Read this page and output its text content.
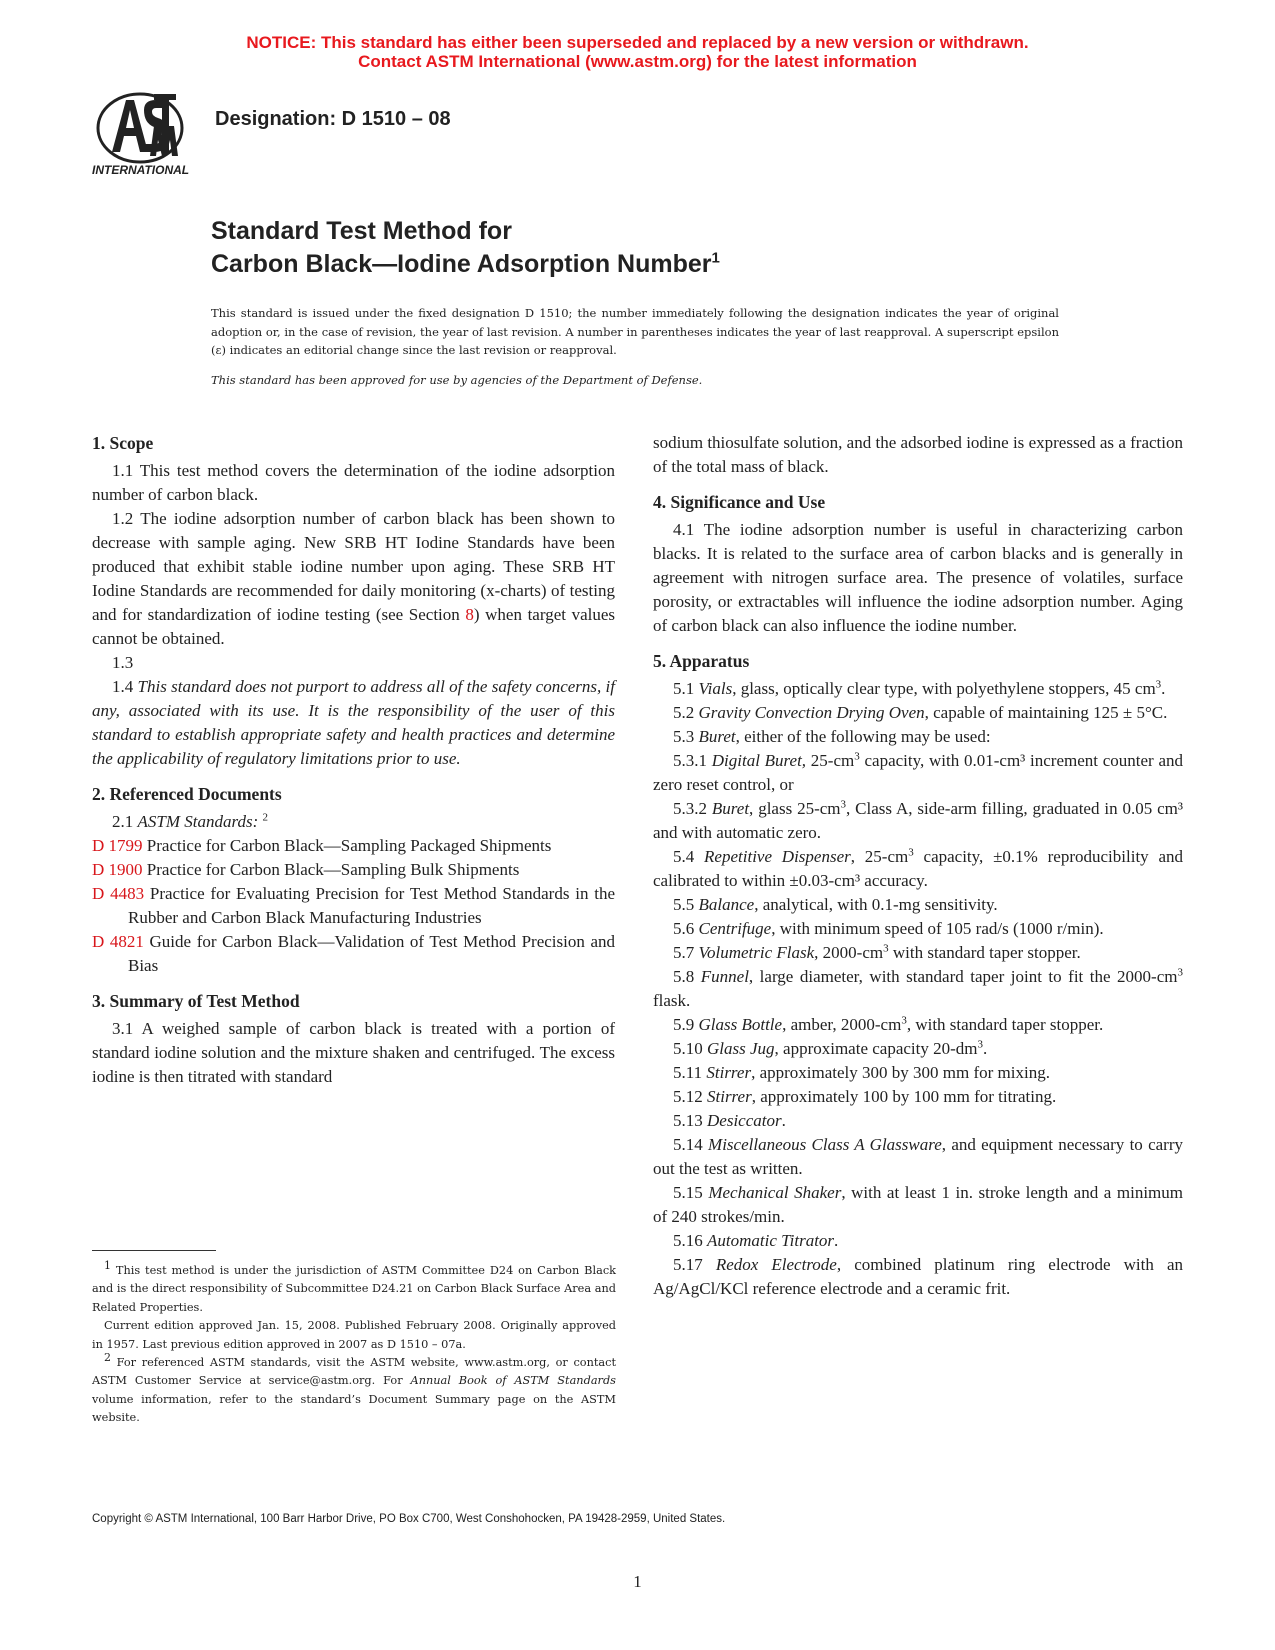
NOTICE: This standard has either been superseded and replaced by a new version or withdrawn.
Contact ASTM International (www.astm.org) for the latest information
INTERNATIONAL
Designation: D 1510 – 08
Standard Test Method for
Carbon Black—Iodine Adsorption Number$^1$
This standard is issued under the fixed designation D 1510; the number immediately following the designation indicates the year of original adoption or, in the case of revision, the year of last revision. A number in parentheses indicates the year of last reapproval. A superscript epsilon (ε) indicates an editorial change since the last revision or reapproval.
This standard has been approved for use by agencies of the Department of Defense.
1. Scope

1.1 This test method covers the determination of the iodine adsorption number of carbon black.

1.2 The iodine adsorption number of carbon black has been shown to decrease with sample aging. New SRB HT Iodine Standards have been produced that exhibit stable iodine number upon aging. These SRB HT Iodine Standards are recommended for daily monitoring (x-charts) of testing and for standardization of iodine testing (see Section 8) when target values cannot be obtained.

1.3

1.4 This standard does not purport to address all of the safety concerns, if any, associated with its use. It is the responsibility of the user of this standard to establish appropriate safety and health practices and determine the applicability of regulatory limitations prior to use.

2. Referenced Documents

2.1 ASTM Standards: $^2$

D 1799 Practice for Carbon Black—Sampling Packaged Shipments

D 1900 Practice for Carbon Black—Sampling Bulk Shipments

D 4483 Practice for Evaluating Precision for Test Method Standards in the Rubber and Carbon Black Manufacturing Industries

D 4821 Guide for Carbon Black—Validation of Test Method Precision and Bias

3. Summary of Test Method

3.1 A weighed sample of carbon black is treated with a portion of standard iodine solution and the mixture shaken and centrifuged. The excess iodine is then titrated with standard

$^1$ This test method is under the jurisdiction of ASTM Committee D24 on Carbon Black and is the direct responsibility of Subcommittee D24.21 on Carbon Black Surface Area and Related Properties.

Current edition approved Jan. 15, 2008. Published February 2008. Originally approved in 1957. Last previous edition approved in 2007 as D 1510 – 07a.

$^2$ For referenced ASTM standards, visit the ASTM website, www.astm.org, or contact ASTM Customer Service at service@astm.org. For Annual Book of ASTM Standards volume information, refer to the standard’s Document Summary page on the ASTM website.

sodium thiosulfate solution, and the adsorbed iodine is expressed as a fraction of the total mass of black.

4. Significance and Use

4.1 The iodine adsorption number is useful in characterizing carbon blacks. It is related to the surface area of carbon blacks and is generally in agreement with nitrogen surface area. The presence of volatiles, surface porosity, or extractables will influence the iodine adsorption number. Aging of carbon black can also influence the iodine number.

5. Apparatus

5.1 Vials, glass, optically clear type, with polyethylene stoppers, 45 $cm^3$.

5.2 Gravity Convection Drying Oven, capable of maintaining 125 ± 5°C.

5.3 Buret, either of the following may be used:

5.3.1 Digital Buret, $25-cm^3$ capacity, with 0.01-cm³ increment counter and zero reset control, or

5.3.2 Buret, glass $25-cm^3$, Class A, side-arm filling, graduated in 0.05 cm³ and with automatic zero.

5.4 Repetitive Dispenser, $25-cm^3$ capacity, ±0.1% reproducibility and calibrated to within ±0.03-cm³ accuracy.

5.5 Balance, analytical, with 0.1-mg sensitivity.

5.6 Centrifuge, with minimum speed of 105 rad/s (1000 r/min).

5.7 Volumetric Flask, $2000-cm^3$ with standard taper stopper.

5.8 Funnel, large diameter, with standard taper joint to fit the $2000-cm^3$ flask.

5.9 Glass Bottle, amber, $2000-cm^3$, with standard taper stopper.

5.10 Glass Jug, approximate capacity $20-dm^3$.

5.11 Stirrer, approximately 300 by 300 mm for mixing.

5.12 Stirrer, approximately 100 by 100 mm for titrating.

5.13 Desiccator.

5.14 Miscellaneous Class A Glassware, and equipment necessary to carry out the test as written.

5.15 Mechanical Shaker, with at least 1 in. stroke length and a minimum of 240 strokes/min.

5.16 Automatic Titrator.

5.17 Redox Electrode, combined platinum ring electrode with an Ag/AgCl/KCl reference electrode and a ceramic frit.

Copyright © ASTM International, 100 Barr Harbor Drive, PO Box C700, West Conshohocken, PA 19428-2959, United States.
1
